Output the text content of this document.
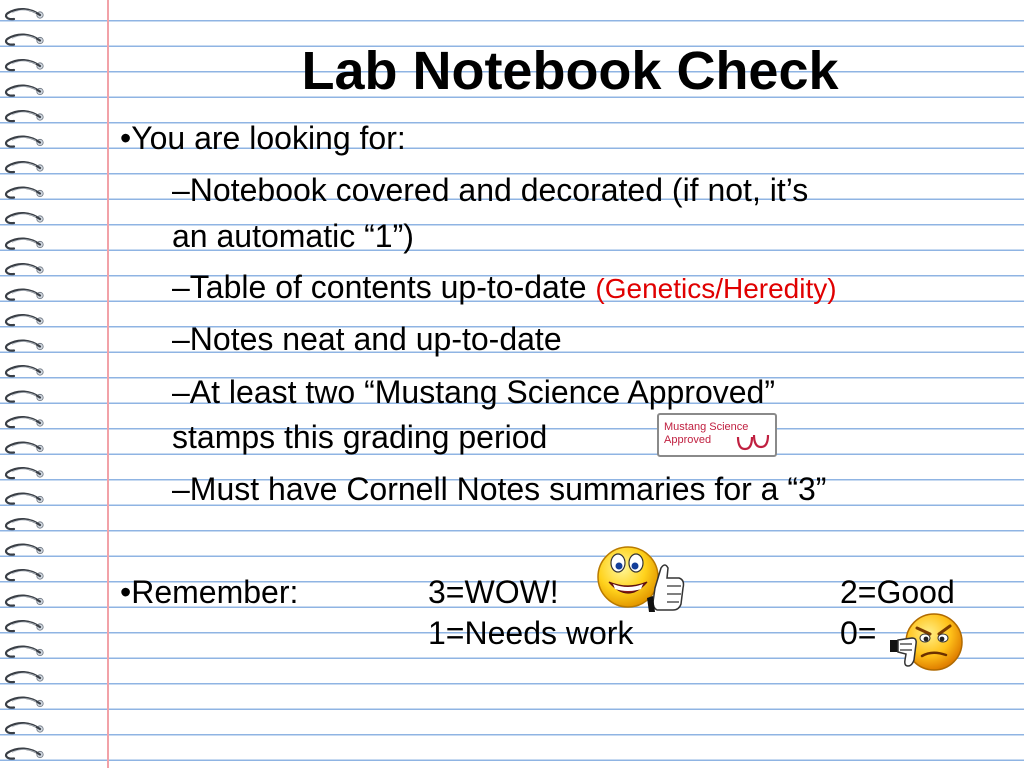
Lab Notebook Check
•You are looking for:
–Notebook covered and decorated (if not, it’s
an automatic “1”)
–Table of contents up-to-date (Genetics/Heredity)
–Notes neat and up-to-date
–At least two “Mustang Science Approved”
stamps this grading period	Mustang Science
Approved
–Must have Cornell Notes summaries for a “3”
•Remember:	3=WOW!	2=Good
1=Needs work	0=
